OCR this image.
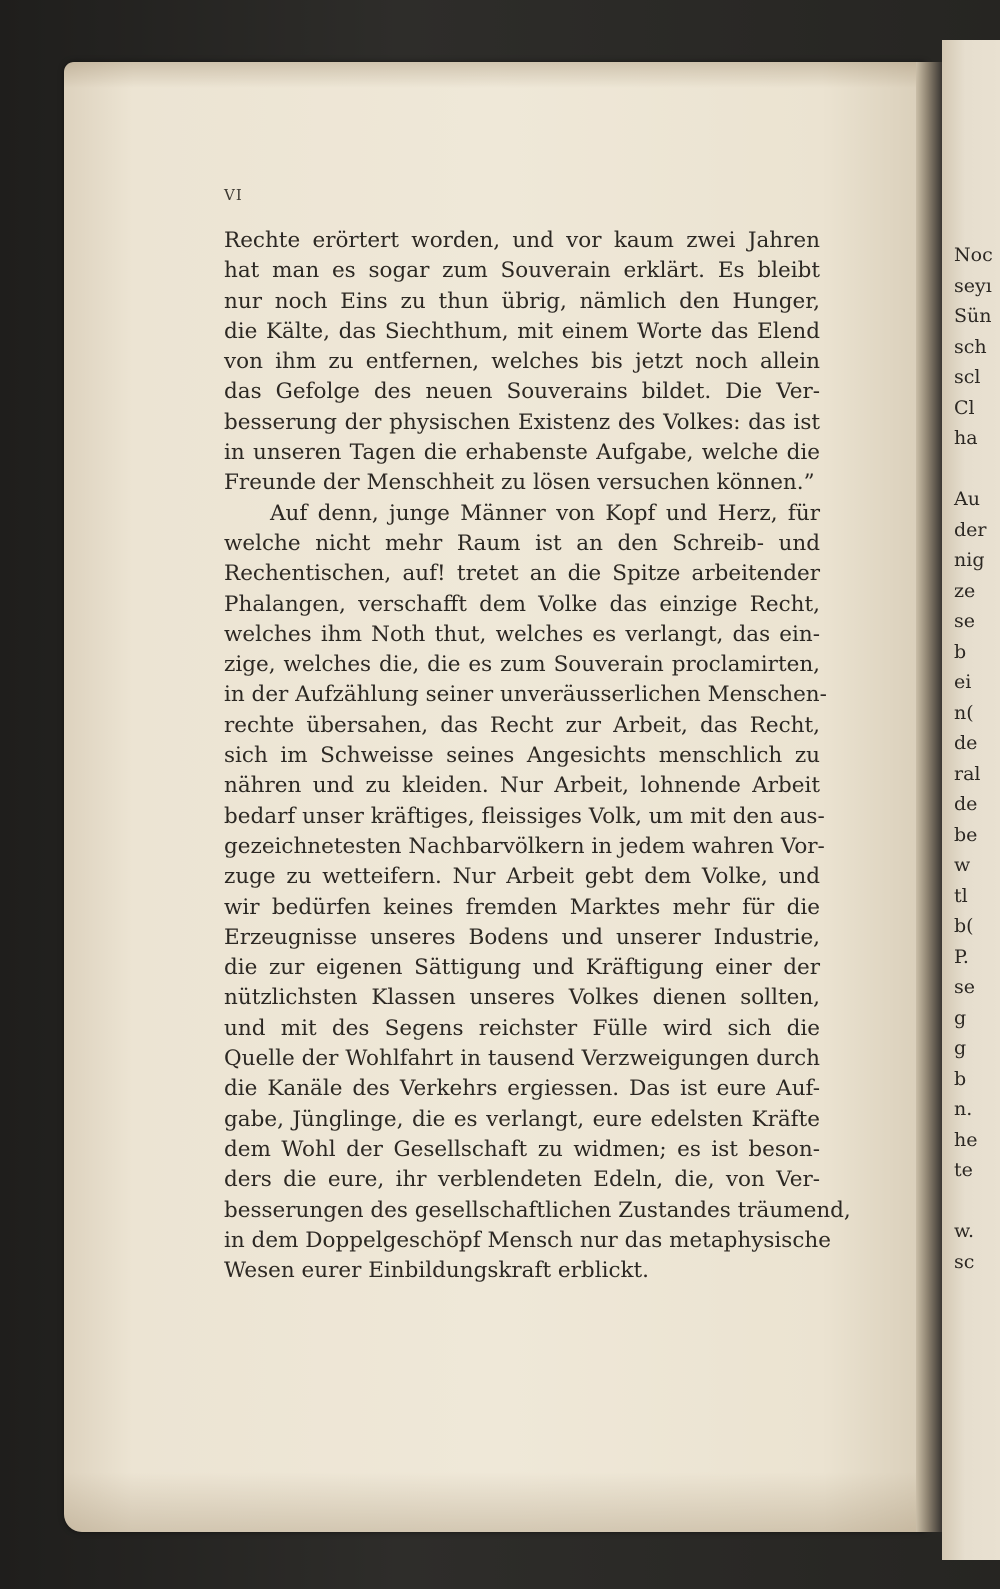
Noc
seyı
Sün
sch
scl
Cl
ha
Au
der
nig
ze
se
b
ei
n(
de
ral
de
be
w
tl
b(
P.
se
g
g
b
n.
he
te
w.
sc
VI
Rechte erörtert worden, und vor kaum zwei Jahren
hat man es sogar zum Souverain erklärt. Es bleibt
nur noch Eins zu thun übrig, nämlich den Hunger,
die Kälte, das Siechthum, mit einem Worte das Elend
von ihm zu entfernen, welches bis jetzt noch allein
das Gefolge des neuen Souverains bildet. Die Ver-
besserung der physischen Existenz des Volkes: das ist
in unseren Tagen die erhabenste Aufgabe, welche die
Freunde der Menschheit zu lösen versuchen können.”
Auf denn, junge Männer von Kopf und Herz, für
welche nicht mehr Raum ist an den Schreib- und
Rechentischen, auf! tretet an die Spitze arbeitender
Phalangen, verschafft dem Volke das einzige Recht,
welches ihm Noth thut, welches es verlangt, das ein-
zige, welches die, die es zum Souverain proclamirten,
in der Aufzählung seiner unveräusserlichen Menschen-
rechte übersahen, das Recht zur Arbeit, das Recht,
sich im Schweisse seines Angesichts menschlich zu
nähren und zu kleiden. Nur Arbeit, lohnende Arbeit
bedarf unser kräftiges, fleissiges Volk, um mit den aus-
gezeichnetesten Nachbarvölkern in jedem wahren Vor-
zuge zu wetteifern. Nur Arbeit gebt dem Volke, und
wir bedürfen keines fremden Marktes mehr für die
Erzeugnisse unseres Bodens und unserer Industrie,
die zur eigenen Sättigung und Kräftigung einer der
nützlichsten Klassen unseres Volkes dienen sollten,
und mit des Segens reichster Fülle wird sich die
Quelle der Wohlfahrt in tausend Verzweigungen durch
die Kanäle des Verkehrs ergiessen. Das ist eure Auf-
gabe, Jünglinge, die es verlangt, eure edelsten Kräfte
dem Wohl der Gesellschaft zu widmen; es ist beson-
ders die eure, ihr verblendeten Edeln, die, von Ver-
besserungen des gesellschaftlichen Zustandes träumend,
in dem Doppelgeschöpf Mensch nur das metaphysische
Wesen eurer Einbildungskraft erblickt.
